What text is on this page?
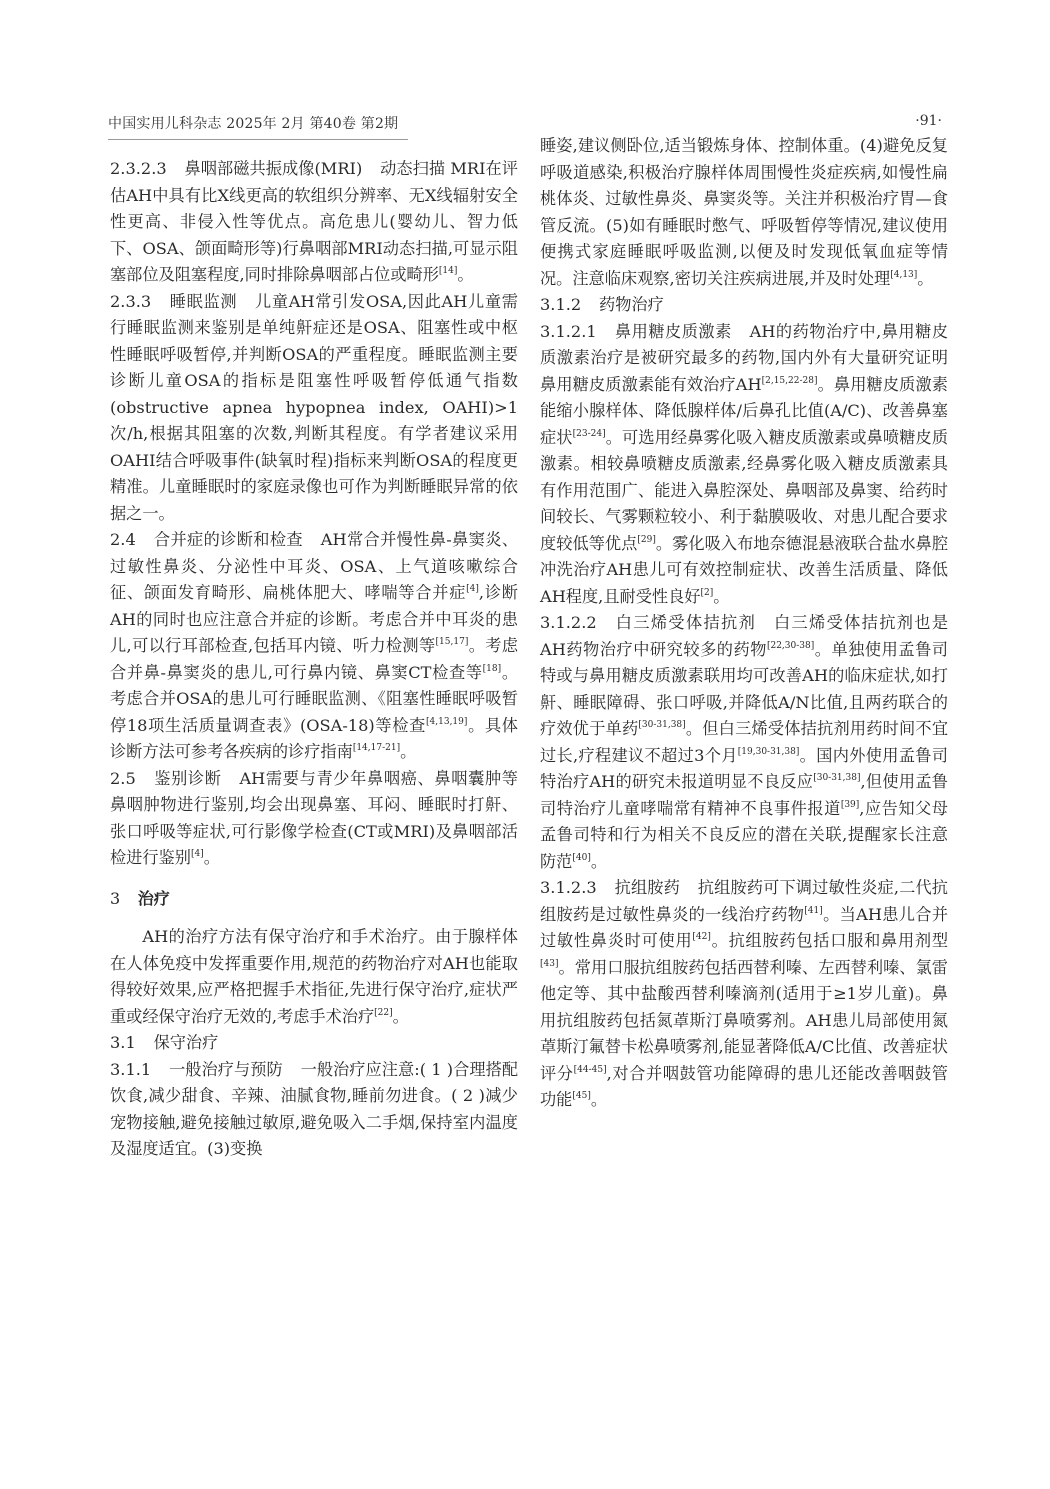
中国实用儿科杂志 2025年 2月 第40卷 第2期	·91·

2.3.2.3 鼻咽部磁共振成像(MRI) 动态扫描 MRI在评估AH中具有比X线更高的软组织分辨率、无X线辐射安全性更高、非侵入性等优点。高危患儿(婴幼儿、智力低下、OSA、颌面畸形等)行鼻咽部MRI动态扫描,可显示阻塞部位及阻塞程度,同时排除鼻咽部占位或畸形[14]。

2.3.3 睡眠监测 儿童AH常引发OSA,因此AH儿童需行睡眠监测来鉴别是单纯鼾症还是OSA、阻塞性或中枢性睡眠呼吸暂停,并判断OSA的严重程度。睡眠监测主要诊断儿童OSA的指标是阻塞性呼吸暂停低通气指数(obstructive apnea hypopnea index, OAHI)>1 次/h,根据其阻塞的次数,判断其程度。有学者建议采用OAHI结合呼吸事件(缺氧时程)指标来判断OSA的程度更精准。儿童睡眠时的家庭录像也可作为判断睡眠异常的依据之一。

2.4 合并症的诊断和检查 AH常合并慢性鼻-鼻窦炎、过敏性鼻炎、分泌性中耳炎、OSA、上气道咳嗽综合征、颌面发育畸形、扁桃体肥大、哮喘等合并症[4],诊断AH的同时也应注意合并症的诊断。考虑合并中耳炎的患儿,可以行耳部检查,包括耳内镜、听力检测等[15,17]。考虑合并鼻-鼻窦炎的患儿,可行鼻内镜、鼻窦CT检查等[18]。考虑合并OSA的患儿可行睡眠监测、《阻塞性睡眠呼吸暂停18项生活质量调查表》(OSA-18)等检查[4,13,19]。具体诊断方法可参考各疾病的诊疗指南[14,17-21]。

2.5 鉴别诊断 AH需要与青少年鼻咽癌、鼻咽囊肿等鼻咽肿物进行鉴别,均会出现鼻塞、耳闷、睡眠时打鼾、张口呼吸等症状,可行影像学检查(CT或MRI)及鼻咽部活检进行鉴别[4]。

3 治疗

AH的治疗方法有保守治疗和手术治疗。由于腺样体在人体免疫中发挥重要作用,规范的药物治疗对AH也能取得较好效果,应严格把握手术指征,先进行保守治疗,症状严重或经保守治疗无效的,考虑手术治疗[22]。

3.1 保守治疗

3.1.1 一般治疗与预防 一般治疗应注意:( 1 )合理搭配饮食,减少甜食、辛辣、油腻食物,睡前勿进食。( 2 )减少宠物接触,避免接触过敏原,避免吸入二手烟,保持室内温度及湿度适宜。(3)变换

睡姿,建议侧卧位,适当锻炼身体、控制体重。(4)避免反复呼吸道感染,积极治疗腺样体周围慢性炎症疾病,如慢性扁桃体炎、过敏性鼻炎、鼻窦炎等。关注并积极治疗胃—食管反流。(5)如有睡眠时憋气、呼吸暂停等情况,建议使用便携式家庭睡眠呼吸监测,以便及时发现低氧血症等情况。注意临床观察,密切关注疾病进展,并及时处理[4,13]。

3.1.2 药物治疗

3.1.2.1 鼻用糖皮质激素 AH的药物治疗中,鼻用糖皮质激素治疗是被研究最多的药物,国内外有大量研究证明鼻用糖皮质激素能有效治疗AH[2,15,22-28]。鼻用糖皮质激素能缩小腺样体、降低腺样体/后鼻孔比值(A/C)、改善鼻塞症状[23-24]。可选用经鼻雾化吸入糖皮质激素或鼻喷糖皮质激素。相较鼻喷糖皮质激素,经鼻雾化吸入糖皮质激素具有作用范围广、能进入鼻腔深处、鼻咽部及鼻窦、给药时间较长、气雾颗粒较小、利于黏膜吸收、对患儿配合要求度较低等优点[29]。雾化吸入布地奈德混悬液联合盐水鼻腔冲洗治疗AH患儿可有效控制症状、改善生活质量、降低AH程度,且耐受性良好[2]。

3.1.2.2 白三烯受体拮抗剂 白三烯受体拮抗剂也是AH药物治疗中研究较多的药物[22,30-38]。单独使用孟鲁司特或与鼻用糖皮质激素联用均可改善AH的临床症状,如打鼾、睡眠障碍、张口呼吸,并降低A/N比值,且两药联合的疗效优于单药[30-31,38]。但白三烯受体拮抗剂用药时间不宜过长,疗程建议不超过3个月[19,30-31,38]。国内外使用孟鲁司特治疗AH的研究未报道明显不良反应[30-31,38],但使用孟鲁司特治疗儿童哮喘常有精神不良事件报道[39],应告知父母孟鲁司特和行为相关不良反应的潜在关联,提醒家长注意防范[40]。

3.1.2.3 抗组胺药 抗组胺药可下调过敏性炎症,二代抗组胺药是过敏性鼻炎的一线治疗药物[41]。当AH患儿合并过敏性鼻炎时可使用[42]。抗组胺药包括口服和鼻用剂型[43]。常用口服抗组胺药包括西替利嗪、左西替利嗪、氯雷他定等、其中盐酸西替利嗪滴剂(适用于≥1岁儿童)。鼻用抗组胺药包括氮䓬斯汀鼻喷雾剂。AH患儿局部使用氮䓬斯汀氟替卡松鼻喷雾剂,能显著降低A/C比值、改善症状评分[44-45],对合并咽鼓管功能障碍的患儿还能改善咽鼓管功能[45]。
